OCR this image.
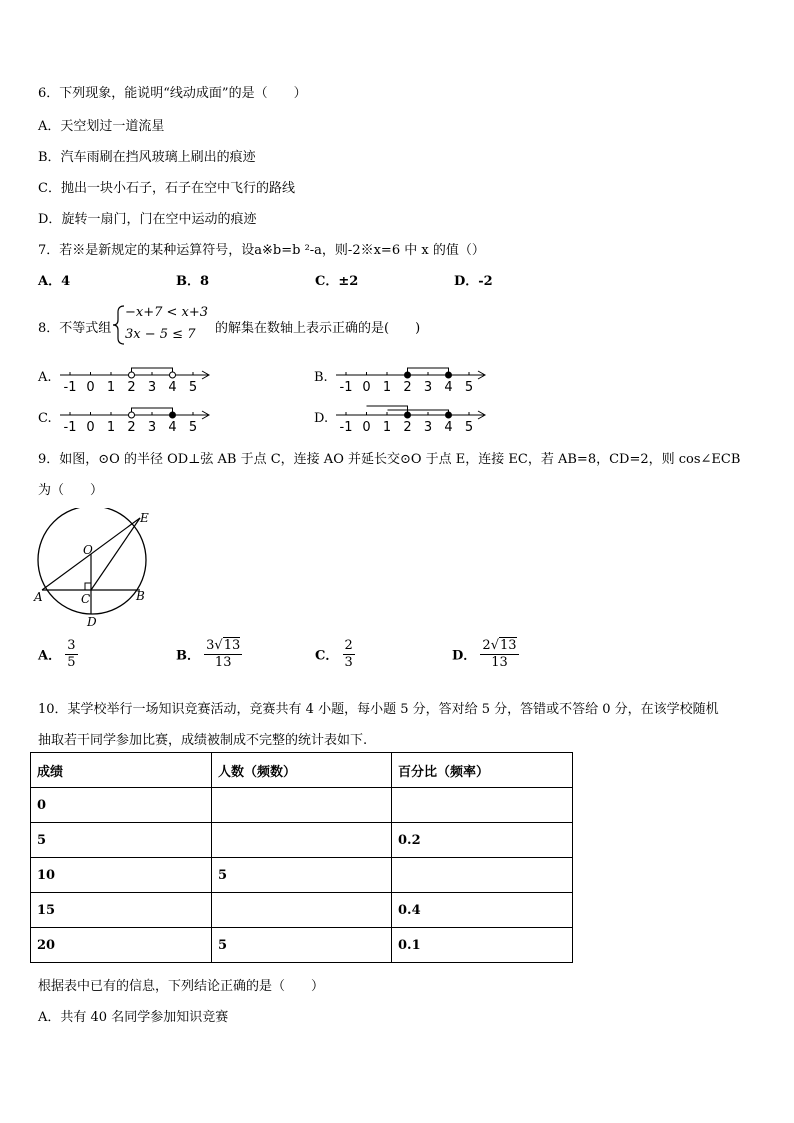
6．下列现象，能说明“线动成面”的是（　　）
A．天空划过一道流星
B．汽车雨刷在挡风玻璃上刷出的痕迹
C．抛出一块小石子，石子在空中飞行的路线
D．旋转一扇门，门在空中运动的痕迹
7．若※是新规定的某种运算符号，设a※b=b ²-a，则-2※x=6 中 x 的值（）
A．4	B．8	C．±2	D．-2
8．不等式组
−x+7 < x+3
3x − 5 ≤ 7 的解集在数轴上表示正确的是(　　)
A.	B.
C.	D.
-1 0 1 2 3 4 5	-1 0 1 2 3 4 5
-1 0 1 2 3 4 5	-1 0 1 2 3 4 5
9．如图，⊙O 的半径 OD⊥弦 AB 于点 C，连接 AO 并延长交⊙O 于点 E，连接 EC，若 AB=8，CD=2，则 cos∠ECB
为（　　）
E
O
A	C	B
D
A． $\frac{3}{5}$	B． $\frac{3√13}{13}$	C． $\frac{2}{3}$	D． $\frac{2√13}{13}$
10．某学校举行一场知识竞赛活动，竞赛共有 4 小题，每小题 5 分，答对给 5 分，答错或不答给 0 分，在该学校随机
抽取若干同学参加比赛，成绩被制成不完整的统计表如下.
成绩	人数（频数）	百分比（频率）
0		
5		0.2
10	5	
15		0.4
20	5	0.1
根据表中已有的信息，下列结论正确的是（　　）
A．共有 40 名同学参加知识竞赛
